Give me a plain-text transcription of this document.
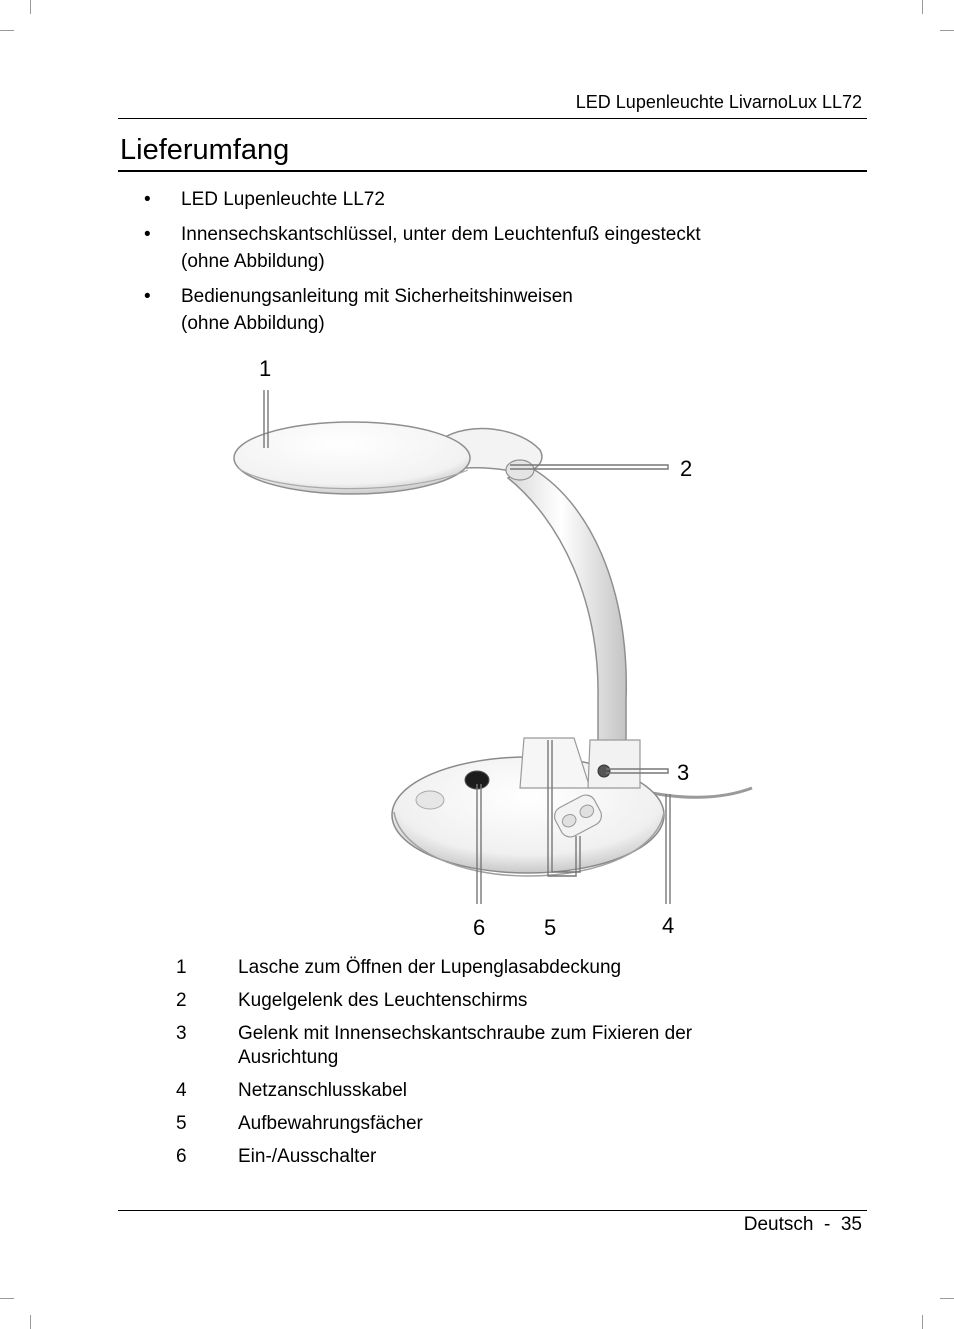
LED Lupenleuchte LivarnoLux LL72
Lieferumfang
• LED Lupenleuchte LL72
• Innensechskantschlüssel, unter dem Leuchtenfuß eingesteckt
(ohne Abbildung)
• Bedienungsanleitung mit Sicherheitshinweisen
(ohne Abbildung)
1
2
3
4
5
6
1	Lasche zum Öffnen der Lupenglasabdeckung
2	Kugelgelenk des Leuchtenschirms
3	Gelenk mit Innensechskantschraube zum Fixieren der Ausrichtung
4	Netzanschlusskabel
5	Aufbewahrungsfächer
6	Ein-/Ausschalter
Deutsch  -  35
